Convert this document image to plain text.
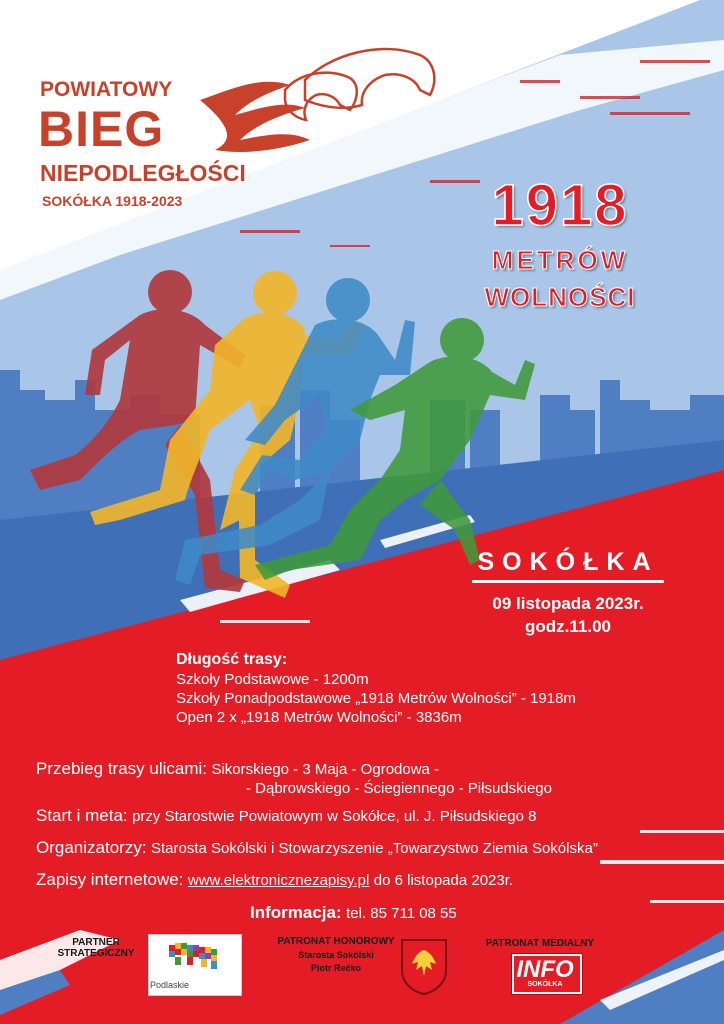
POWIATOWY
BIEG
NIEPODLEGŁOŚCI
SOKÓŁKA 1918-2023	1918
METRÓW
WOLNOŚCI
SOKÓŁKA
09 listopada 2023r.
godz.11.00
Długość trasy:
Szkoły Podstawowe - 1200m
Szkoły Ponadpodstawowe „1918 Metrów Wolności” - 1918m
Open 2 x „1918 Metrów Wolności” - 3836m
Przebieg trasy ulicami: Sikorskiego - 3 Maja - Ogrodowa -
- Dąbrowskiego - Ściegiennego - Piłsudskiego
Start i meta: przy Starostwie Powiatowym w Sokółce, ul. J. Piłsudskiego 8
Organizatorzy: Starosta Sokólski i Stowarzyszenie „Towarzystwo Ziemia Sokólska”
Zapisy internetowe: www.elektronicznezapisy.pl do 6 listopada 2023r.
Informacja: tel. 85 711 08 55
PARTNER STRATEGICZNY
Podlaskie
PATRONAT HONOROWY
Starosta Sokólski
Piotr Rećko
PATRONAT MEDIALNY
INFO
SOKÓŁKA
